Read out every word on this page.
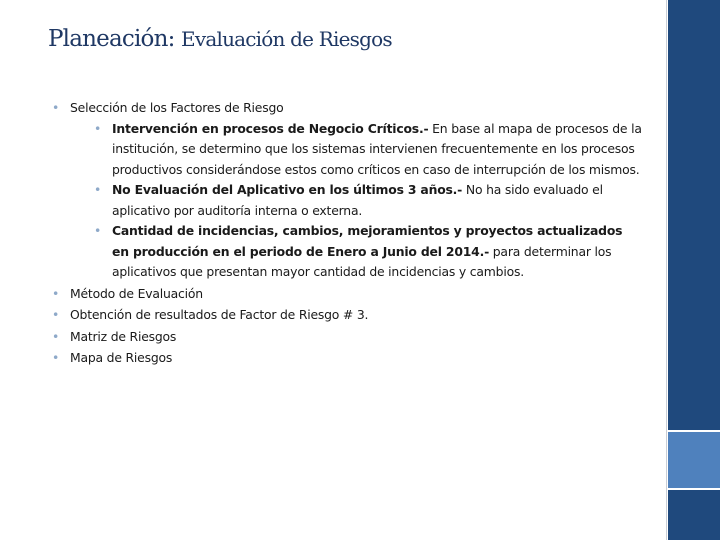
Planeación: Evaluación de Riesgos
• Selección de los Factores de Riesgo
• Intervención en procesos de Negocio Críticos.- En base al mapa de procesos de la institución, se determino que los sistemas intervienen frecuentemente en los procesos productivos considerándose estos como críticos en caso de interrupción de los mismos.
• No Evaluación del Aplicativo en los últimos 3 años.- No ha sido evaluado el aplicativo por auditoría interna o externa.
• Cantidad de incidencias, cambios, mejoramientos y proyectos actualizados en producción en el periodo de Enero a Junio del 2014.- para determinar los aplicativos que presentan mayor cantidad de incidencias y cambios.
• Método de Evaluación
• Obtención de resultados de Factor de Riesgo # 3.
• Matriz de Riesgos
• Mapa de Riesgos
